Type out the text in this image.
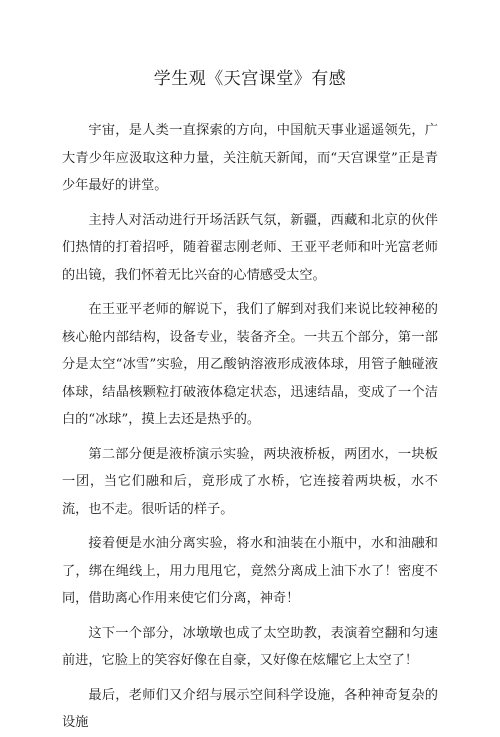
学生观《天宫课堂》有感

宇宙，是人类一直探索的方向，中国航天事业遥遥领先，广大青少年应汲取这种力量，关注航天新闻，而“天宫课堂”正是青少年最好的讲堂。

主持人对活动进行开场活跃气氛，新疆，西藏和北京的伙伴们热情的打着招呼，随着翟志刚老师、王亚平老师和叶光富老师的出镜，我们怀着无比兴奋的心情感受太空。

在王亚平老师的解说下，我们了解到对我们来说比较神秘的核心舱内部结构，设备专业，装备齐全。一共五个部分，第一部分是太空“冰雪”实验，用乙酸钠溶液形成液体球，用管子触碰液体球，结晶核颗粒打破液体稳定状态，迅速结晶，变成了一个洁白的“冰球”，摸上去还是热乎的。

第二部分便是液桥演示实验，两块液桥板，两团水，一块板一团，当它们融和后，竟形成了水桥，它连接着两块板，水不流，也不走。很听话的样子。

接着便是水油分离实验，将水和油装在小瓶中，水和油融和了，绑在绳线上，用力甩甩它，竟然分离成上油下水了！密度不同，借助离心作用来使它们分离，神奇！

这下一个部分，冰墩墩也成了太空助教，表演着空翻和匀速前进，它脸上的笑容好像在自豪，又好像在炫耀它上太空了！

最后，老师们又介绍与展示空间科学设施，各种神奇复杂的设施
